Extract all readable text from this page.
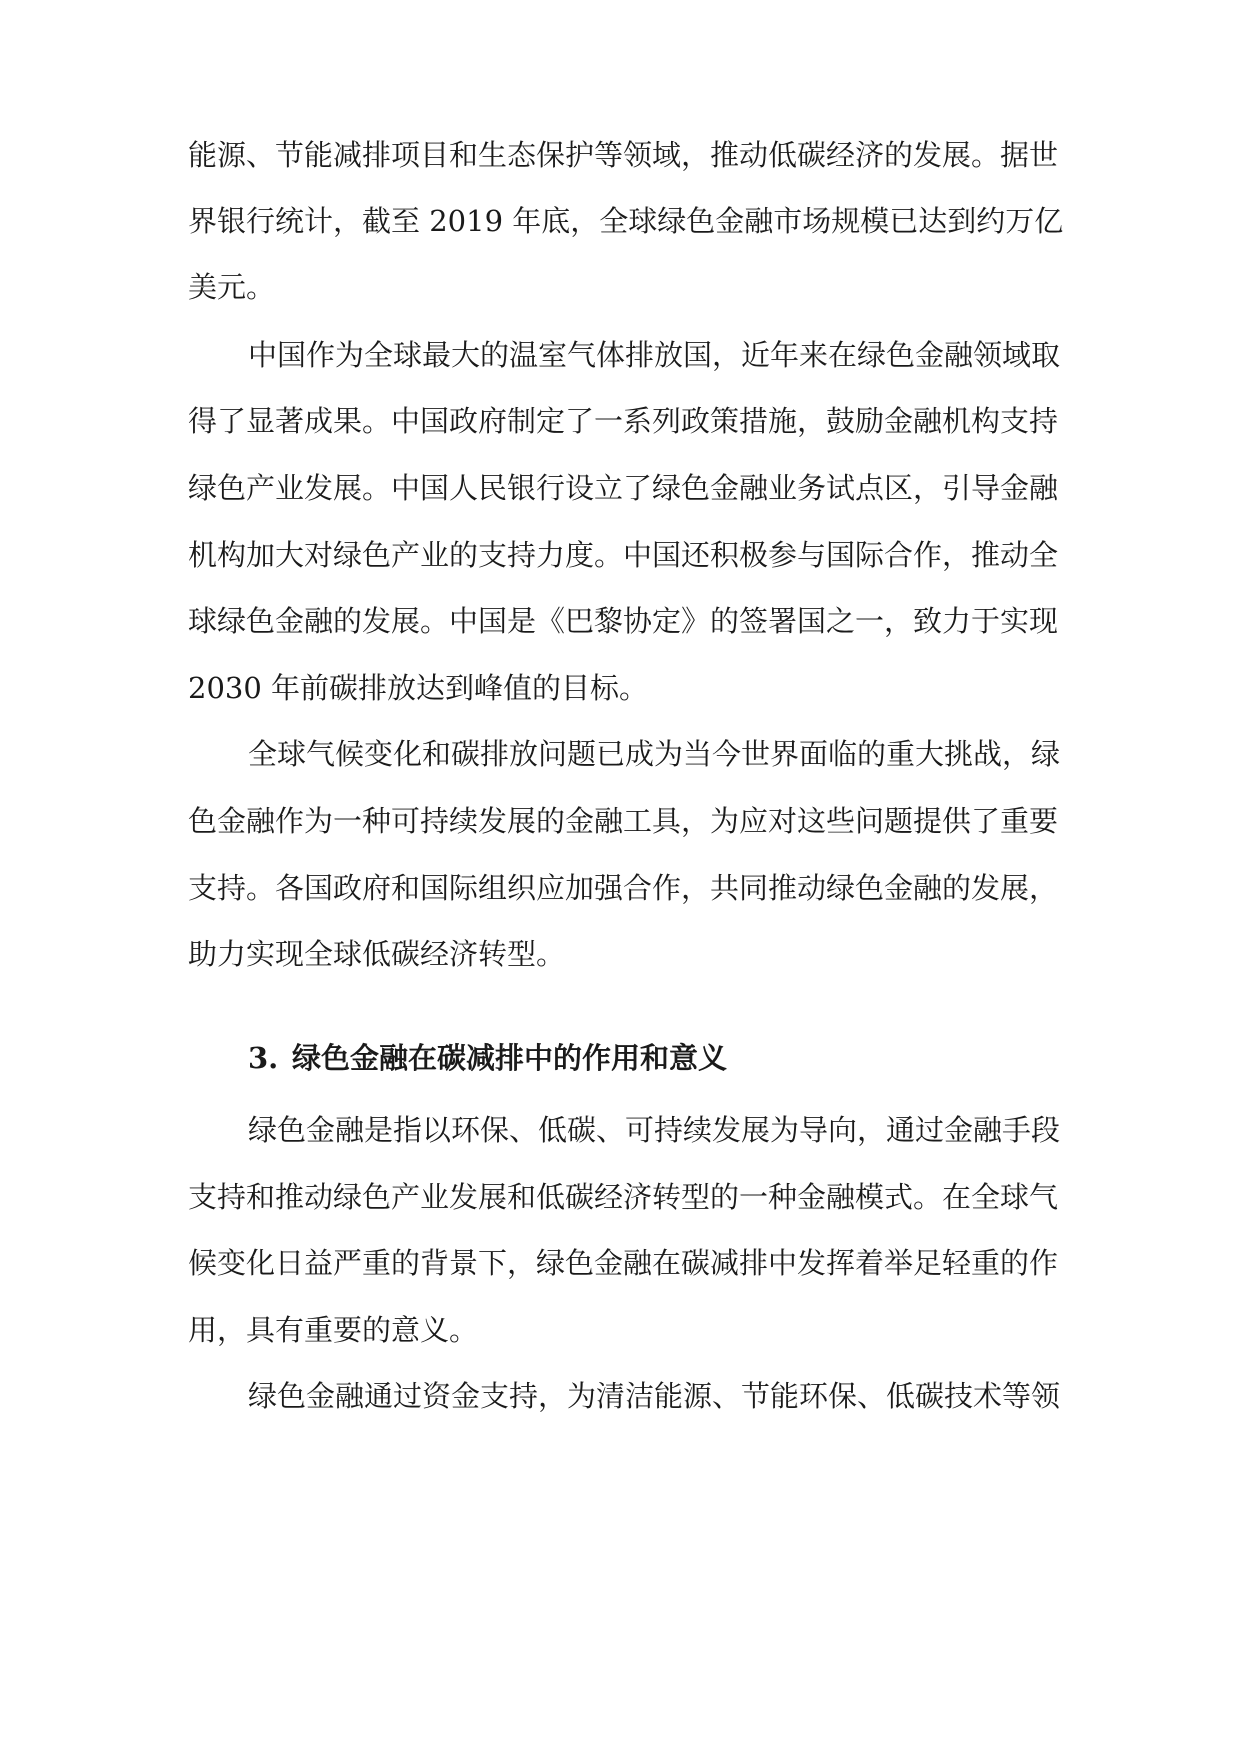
能源、节能减排项目和生态保护等领域，推动低碳经济的发展。据世
界银行统计，截至 2019 年底，全球绿色金融市场规模已达到约万亿
美元。
中国作为全球最大的温室气体排放国，近年来在绿色金融领域取
得了显著成果。中国政府制定了一系列政策措施，鼓励金融机构支持
绿色产业发展。中国人民银行设立了绿色金融业务试点区，引导金融
机构加大对绿色产业的支持力度。中国还积极参与国际合作，推动全
球绿色金融的发展。中国是《巴黎协定》的签署国之一，致力于实现
2030 年前碳排放达到峰值的目标。
全球气候变化和碳排放问题已成为当今世界面临的重大挑战，绿
色金融作为一种可持续发展的金融工具，为应对这些问题提供了重要
支持。各国政府和国际组织应加强合作，共同推动绿色金融的发展，
助力实现全球低碳经济转型。
3. 绿色金融在碳减排中的作用和意义
绿色金融是指以环保、低碳、可持续发展为导向，通过金融手段
支持和推动绿色产业发展和低碳经济转型的一种金融模式。在全球气
候变化日益严重的背景下，绿色金融在碳减排中发挥着举足轻重的作
用，具有重要的意义。
绿色金融通过资金支持，为清洁能源、节能环保、低碳技术等领
